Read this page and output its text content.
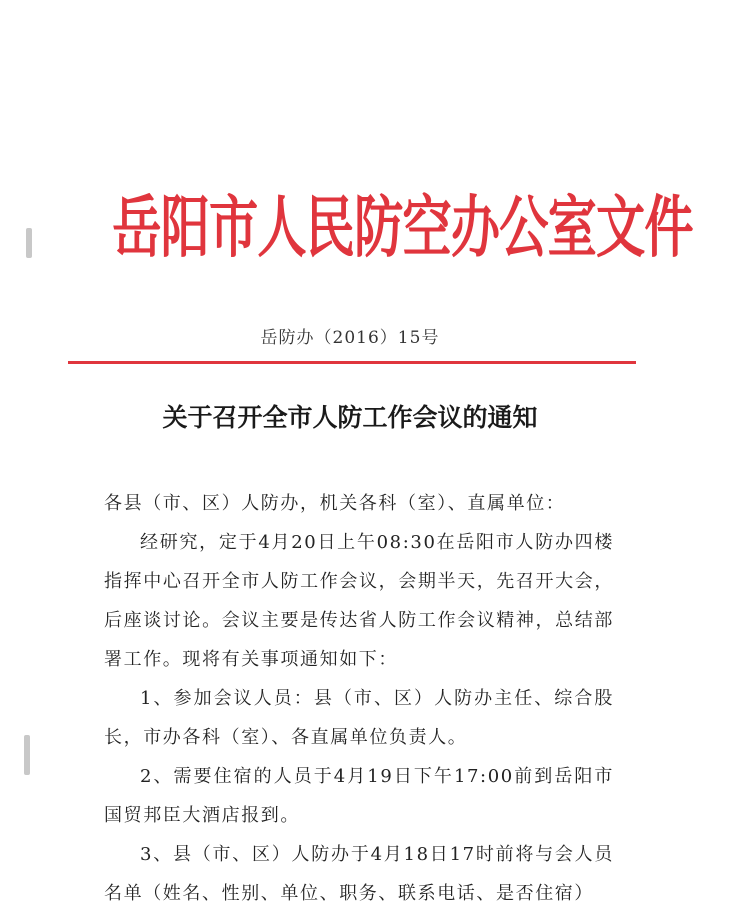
岳阳市人民防空办公室文件
岳防办（2016）15号
关于召开全市人防工作会议的通知

各县（市、区）人防办，机关各科（室）、直属单位：

经研究，定于4月20日上午08:30在岳阳市人防办四楼指挥中心召开全市人防工作会议，会期半天，先召开大会，后座谈讨论。会议主要是传达省人防工作会议精神，总结部署工作。现将有关事项通知如下：

1、参加会议人员：县（市、区）人防办主任、综合股长，市办各科（室）、各直属单位负责人。

2、需要住宿的人员于4月19日下午17:00前到岳阳市国贸邦臣大酒店报到。

3、县（市、区）人防办于4月18日17时前将与会人员名单（姓名、性别、单位、职务、联系电话、是否住宿）
